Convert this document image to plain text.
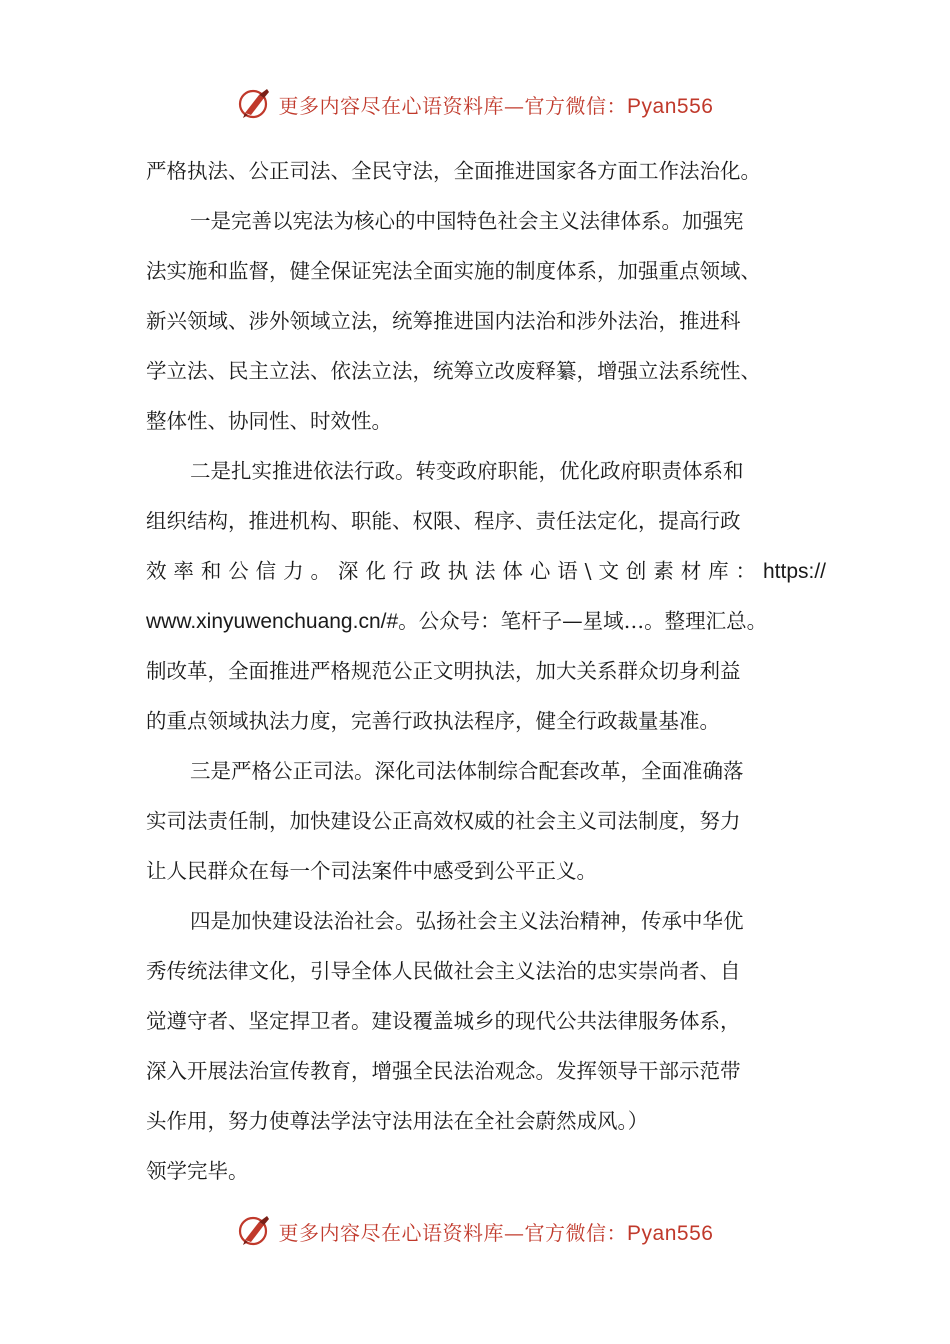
更多内容尽在心语资料库—官方微信：Pyan556
严格执法、公正司法、全民守法，全面推进国家各方面工作法治化。
一是完善以宪法为核心的中国特色社会主义法律体系。加强宪
法实施和监督，健全保证宪法全面实施的制度体系，加强重点领域、
新兴领域、涉外领域立法，统筹推进国内法治和涉外法治，推进科
学立法、民主立法、依法立法，统筹立改废释纂，增强立法系统性、
整体性、协同性、时效性。
二是扎实推进依法行政。转变政府职能，优化政府职责体系和
组织结构，推进机构、职能、权限、程序、责任法定化，提高行政
效率和公信力。深化行政执法体心语\文创素材库：https://
www.xinyuwenchuang.cn/#。公众号：笔杆子—星域…。整理汇总。
制改革，全面推进严格规范公正文明执法，加大关系群众切身利益
的重点领域执法力度，完善行政执法程序，健全行政裁量基准。
三是严格公正司法。深化司法体制综合配套改革，全面准确落
实司法责任制，加快建设公正高效权威的社会主义司法制度，努力
让人民群众在每一个司法案件中感受到公平正义。
四是加快建设法治社会。弘扬社会主义法治精神，传承中华优
秀传统法律文化，引导全体人民做社会主义法治的忠实崇尚者、自
觉遵守者、坚定捍卫者。建设覆盖城乡的现代公共法律服务体系，
深入开展法治宣传教育，增强全民法治观念。发挥领导干部示范带
头作用，努力使尊法学法守法用法在全社会蔚然成风。）
领学完毕。
更多内容尽在心语资料库—官方微信：Pyan556
